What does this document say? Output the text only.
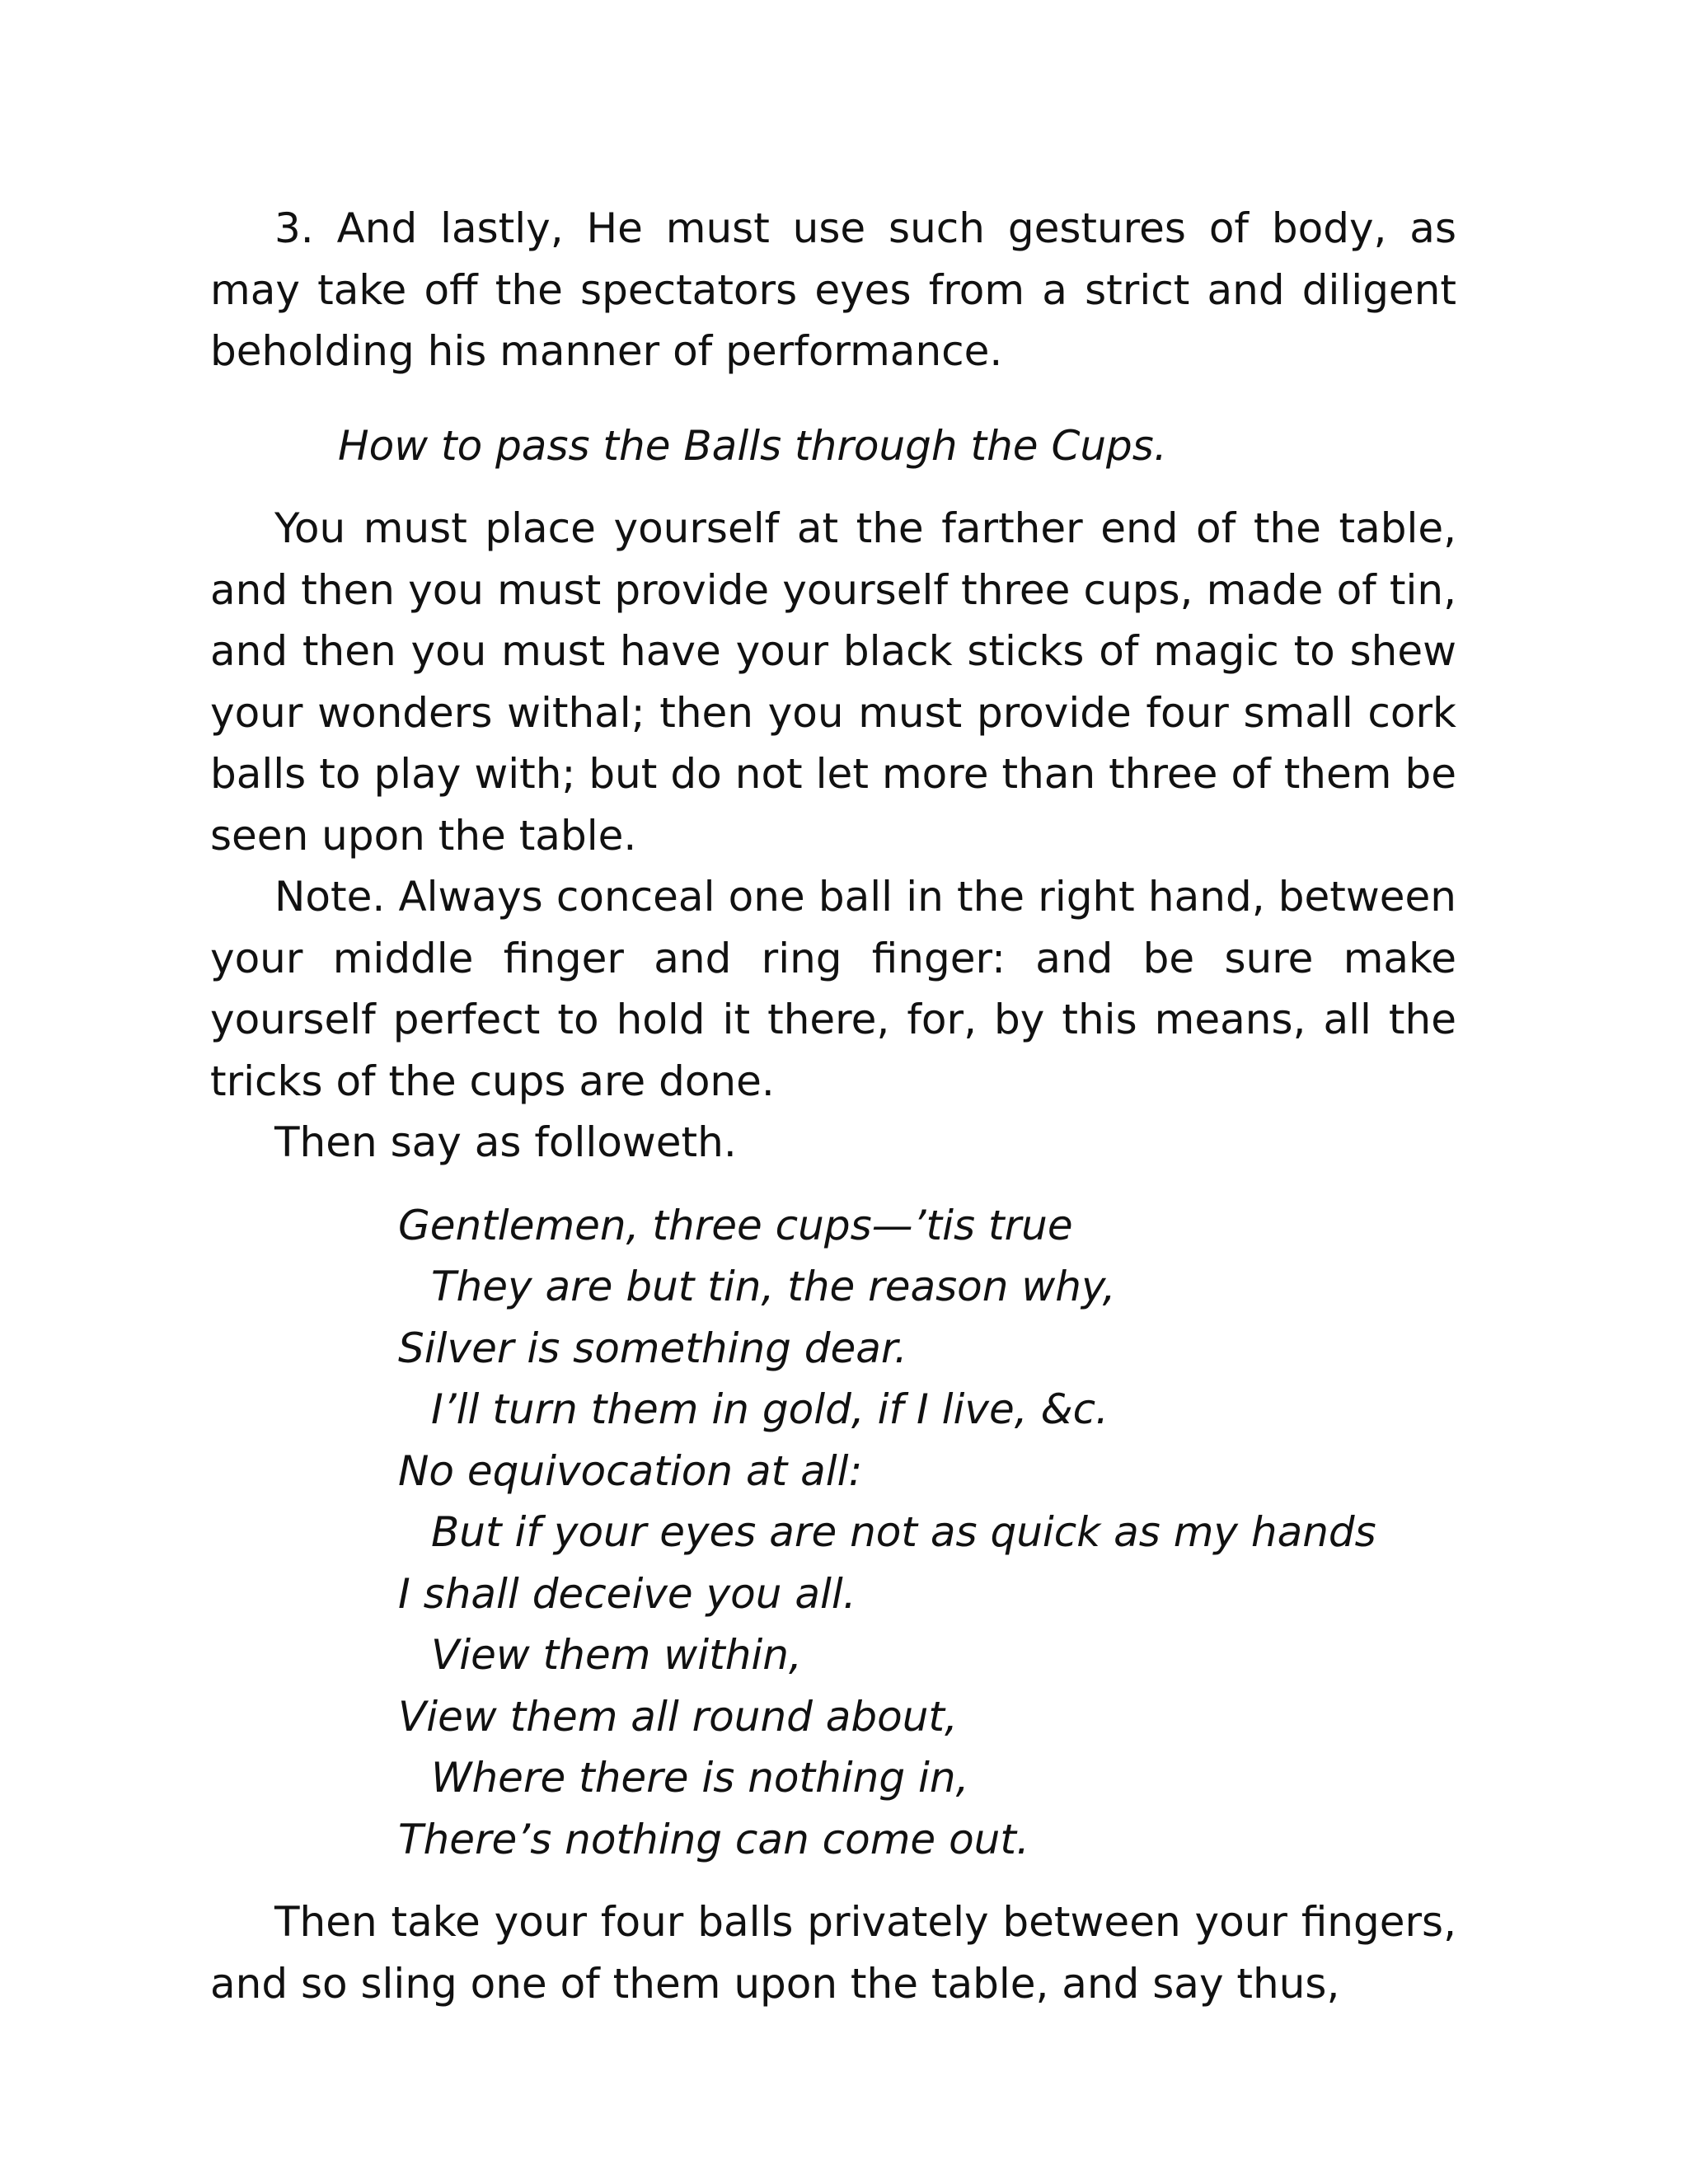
3. And lastly, He must use such gestures of body, as may take off the spectators eyes from a strict and diligent beholding his manner of performance.

How to pass the Balls through the Cups.

You must place yourself at the farther end of the table, and then you must provide yourself three cups, made of tin, and then you must have your black sticks of magic to shew your wonders withal; then you must provide four small cork balls to play with; but do not let more than three of them be seen upon the table.

Note. Always conceal one ball in the right hand, between your middle finger and ring finger: and be sure make yourself perfect to hold it there, for, by this means, all the tricks of the cups are done.

Then say as followeth.

Gentlemen, three cups—’tis true
They are but tin, the reason why,
Silver is something dear.
I’ll turn them in gold, if I live, &c.
No equivocation at all:
But if your eyes are not as quick as my hands
I shall deceive you all.
View them within,
View them all round about,
Where there is nothing in,
There’s nothing can come out.

Then take your four balls privately between your fingers, and so sling one of them upon the table, and say thus,
